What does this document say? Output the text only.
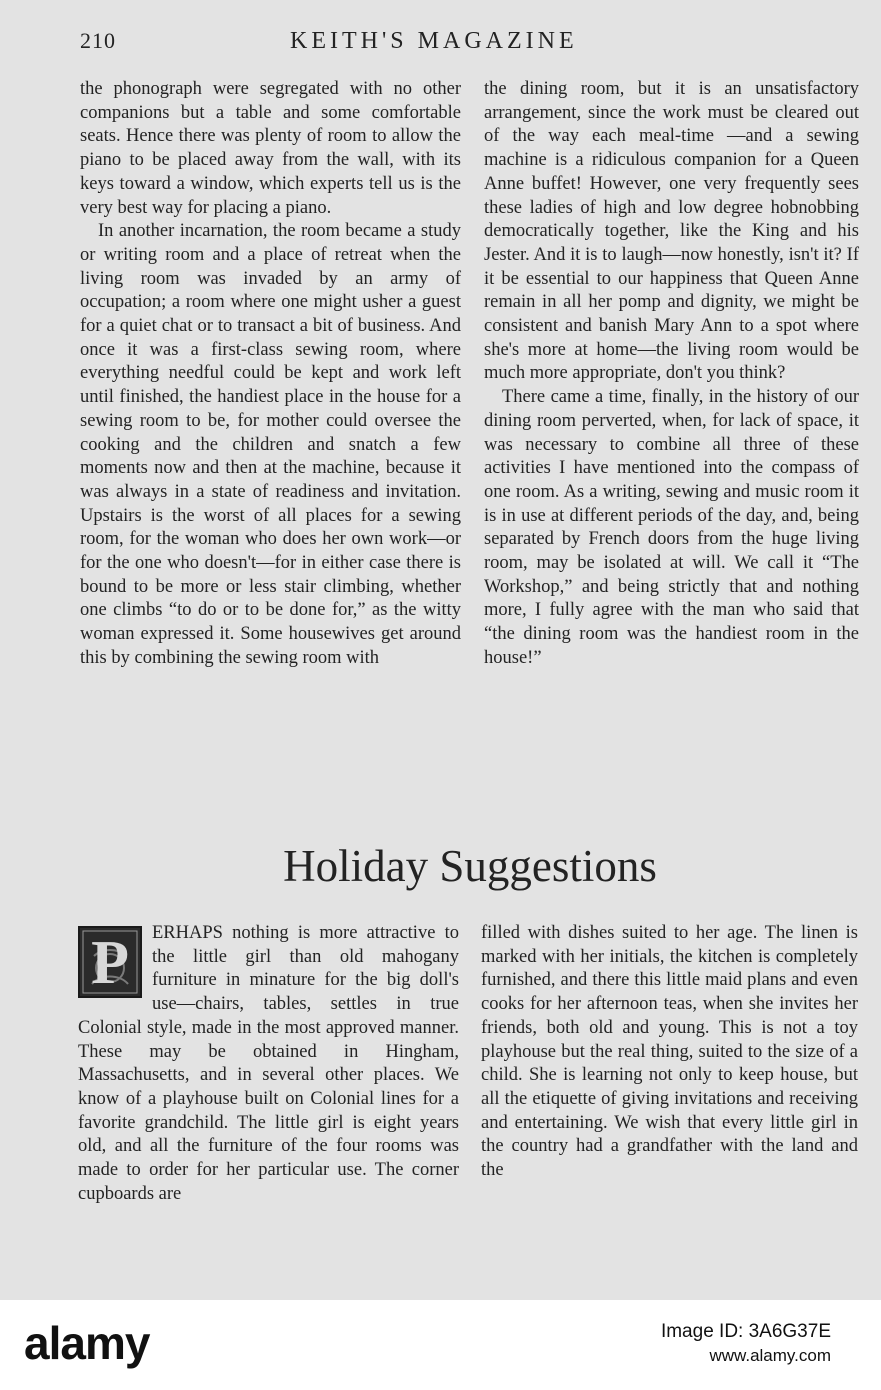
210	KEITH'S MAGAZINE

the phonograph were segregated with no other companions but a table and some comfortable seats. Hence there was plenty of room to allow the piano to be placed away from the wall, with its keys toward a window, which experts tell us is the very best way for placing a piano.

In another incarnation, the room became a study or writing room and a place of retreat when the living room was invaded by an army of occupation; a room where one might usher a guest for a quiet chat or to transact a bit of business. And once it was a first-class sewing room, where everything needful could be kept and work left until finished, the handiest place in the house for a sewing room to be, for mother could oversee the cooking and the children and snatch a few moments now and then at the machine, because it was always in a state of readiness and invitation. Upstairs is the worst of all places for a sewing room, for the woman who does her own work—or for the one who doesn't—for in either case there is bound to be more or less stair climbing, whether one climbs “to do or to be done for,” as the witty woman expressed it. Some housewives get around this by combining the sewing room with

the dining room, but it is an unsatisfactory arrangement, since the work must be cleared out of the way each meal-time —and a sewing machine is a ridiculous companion for a Queen Anne buffet! However, one very frequently sees these ladies of high and low degree hobnobbing democratically together, like the King and his Jester. And it is to laugh—now honestly, isn't it? If it be essential to our happiness that Queen Anne remain in all her pomp and dignity, we might be consistent and banish Mary Ann to a spot where she's more at home—the living room would be much more appropriate, don't you think?

There came a time, finally, in the history of our dining room perverted, when, for lack of space, it was necessary to combine all three of these activities I have mentioned into the compass of one room. As a writing, sewing and music room it is in use at different periods of the day, and, being separated by French doors from the huge living room, may be isolated at will. We call it “The Workshop,” and being strictly that and nothing more, I fully agree with the man who said that “the dining room was the handiest room in the house!”

Holiday Suggestions
P	ERHAPS nothing is more attractive to the little girl than old mahogany furniture in minature for the big doll's use—chairs, tables, settles in true Colonial style, made in the most approved manner. These may be obtained in Hingham, Massachusetts, and in several other places. We know of a playhouse built on Colonial lines for a favorite grandchild. The little girl is eight years old, and all the furniture of the four rooms was made to order for her particular use. The corner cupboards are

filled with dishes suited to her age. The linen is marked with her initials, the kitchen is completely furnished, and there this little maid plans and even cooks for her afternoon teas, when she invites her friends, both old and young. This is not a toy playhouse but the real thing, suited to the size of a child. She is learning not only to keep house, but all the etiquette of giving invitations and receiving and entertaining. We wish that every little girl in the country had a grandfather with the land and the

alamy	Image ID: 3A6G37E
www.alamy.com
